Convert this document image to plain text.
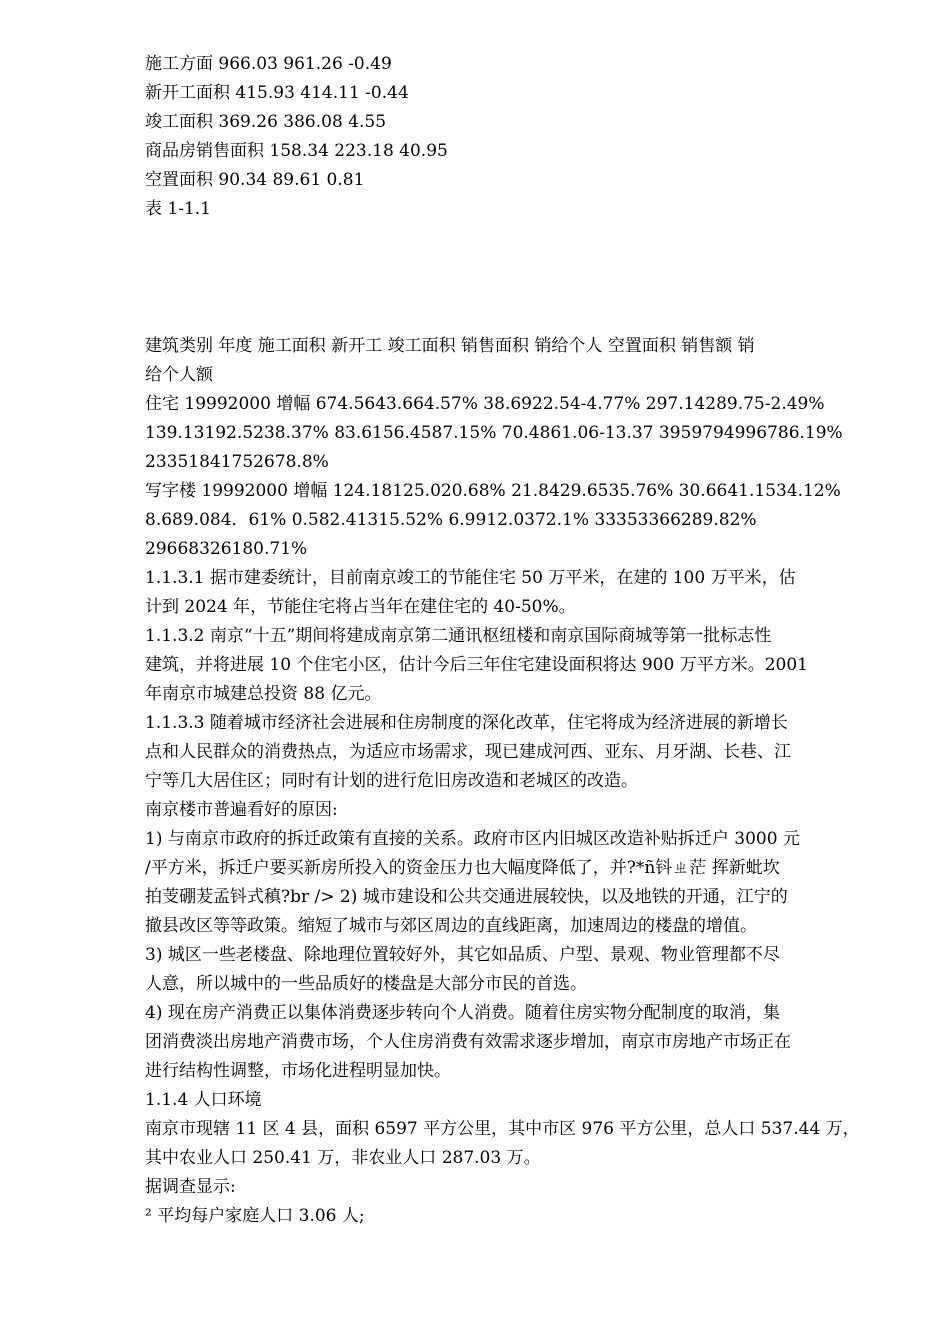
施工方面 966.03 961.26 -0.49
新开工面积 415.93 414.11 -0.44
竣工面积 369.26 386.08 4.55
商品房销售面积 158.34 223.18 40.95
空置面积 90.34 89.61 0.81
表 1-1.1
建筑类别 年度 施工面积 新开工 竣工面积 销售面积 销给个人 空置面积 销售额 销
给个人额
住宅 19992000 增幅 674.5643.664.57% 38.6922.54-4.77% 297.14289.75-2.49%
139.13192.5238.37% 83.6156.4587.15% 70.4861.06-13.37 3959794996786.19%
23351841752678.8%
写字楼 19992000 增幅 124.18125.020.68% 21.8429.6535.76% 30.6641.1534.12%
8.689.084．61% 0.582.41315.52% 6.9912.0372.1% 33353366289.82%
29668326180.71%
1.1.3.1 据市建委统计，目前南京竣工的节能住宅 50 万平米，在建的 100 万平米，估
计到 2024 年，节能住宅将占当年在建住宅的 40-50%。
1.1.3.2 南京“十五”期间将建成南京第二通讯枢纽楼和南京国际商城等第一批标志性
建筑，并将进展 10 个住宅小区，估计今后三年住宅建设面积将达 900 万平方米。2001
年南京市城建总投资 88 亿元。
1.1.3.3 随着城市经济社会进展和住房制度的深化改革，住宅将成为经济进展的新增长
点和人民群众的消费热点，为适应市场需求，现已建成河西、亚东、月牙湖、长巷、江
宁等几大居住区；同时有计划的进行危旧房改造和老城区的改造。
南京楼市普遍看好的原因:
1) 与南京市政府的拆迁政策有直接的关系。政府市区内旧城区改造补贴拆迁户 3000 元
/平方米，拆迁户要买新房所投入的资金压力也大幅度降低了，并?*ñ钭ㄓ茫 挥新蚍坎
拍芰硼茇孟钭式稹?br /> 2) 城市建设和公共交通进展较快，以及地铁的开通，江宁的
撤县改区等等政策。缩短了城市与郊区周边的直线距离，加速周边的楼盘的增值。
3) 城区一些老楼盘、除地理位置较好外，其它如品质、户型、景观、物业管理都不尽
人意，所以城中的一些品质好的楼盘是大部分市民的首选。
4) 现在房产消费正以集体消费逐步转向个人消费。随着住房实物分配制度的取消，集
团消费淡出房地产消费市场，个人住房消费有效需求逐步增加，南京市房地产市场正在
进行结构性调整，市场化进程明显加快。
1.1.4 人口环境
南京市现辖 11 区 4 县，面积 6597 平方公里，其中市区 976 平方公里，总人口 537.44 万，
其中农业人口 250.41 万，非农业人口 287.03 万。
据调查显示:
² 平均每户家庭人口 3.06 人;
